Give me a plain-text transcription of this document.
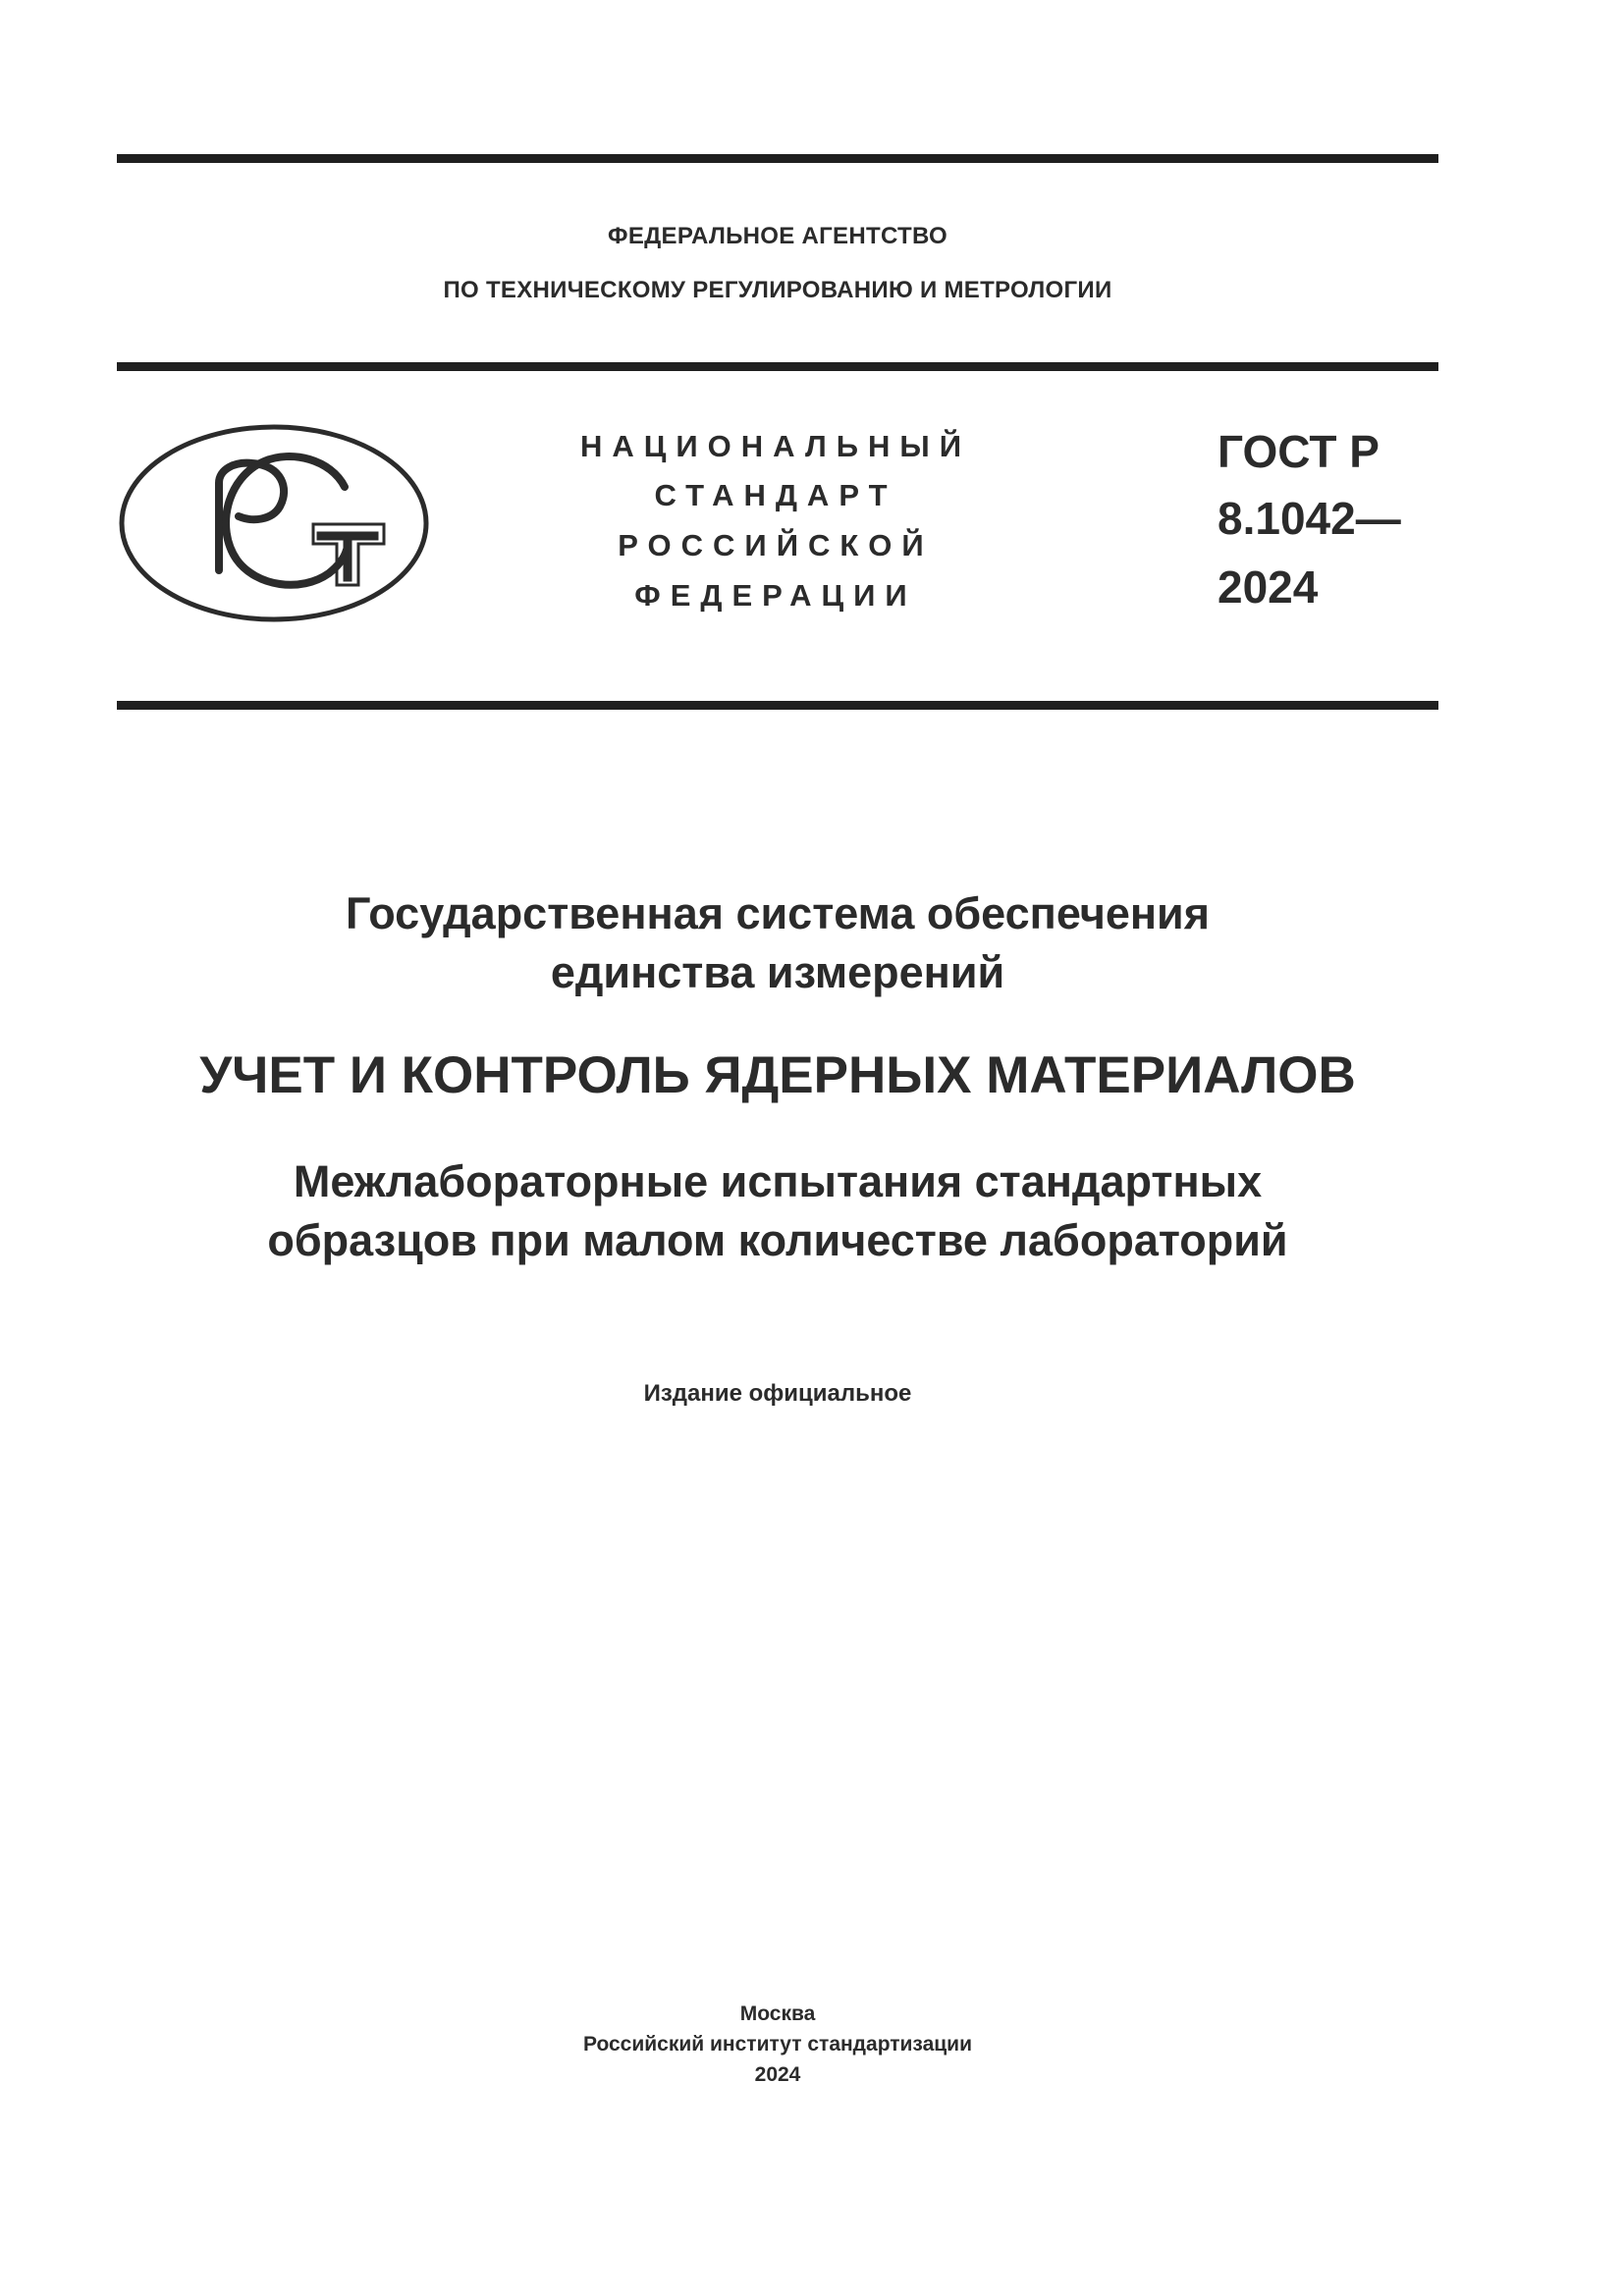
ФЕДЕРАЛЬНОЕ АГЕНТСТВО
ПО ТЕХНИЧЕСКОМУ РЕГУЛИРОВАНИЮ И МЕТРОЛОГИИ
НАЦИОНАЛЬНЫЙ
СТАНДАРТ
РОССИЙСКОЙ
ФЕДЕРАЦИИ
ГОСТ Р
8.1042—
2024
Государственная система обеспечения
единства измерений
УЧЕТ И КОНТРОЛЬ ЯДЕРНЫХ МАТЕРИАЛОВ
Межлабораторные испытания стандартных
образцов при малом количестве лабораторий
Издание официальное
Москва
Российский институт стандартизации
2024
